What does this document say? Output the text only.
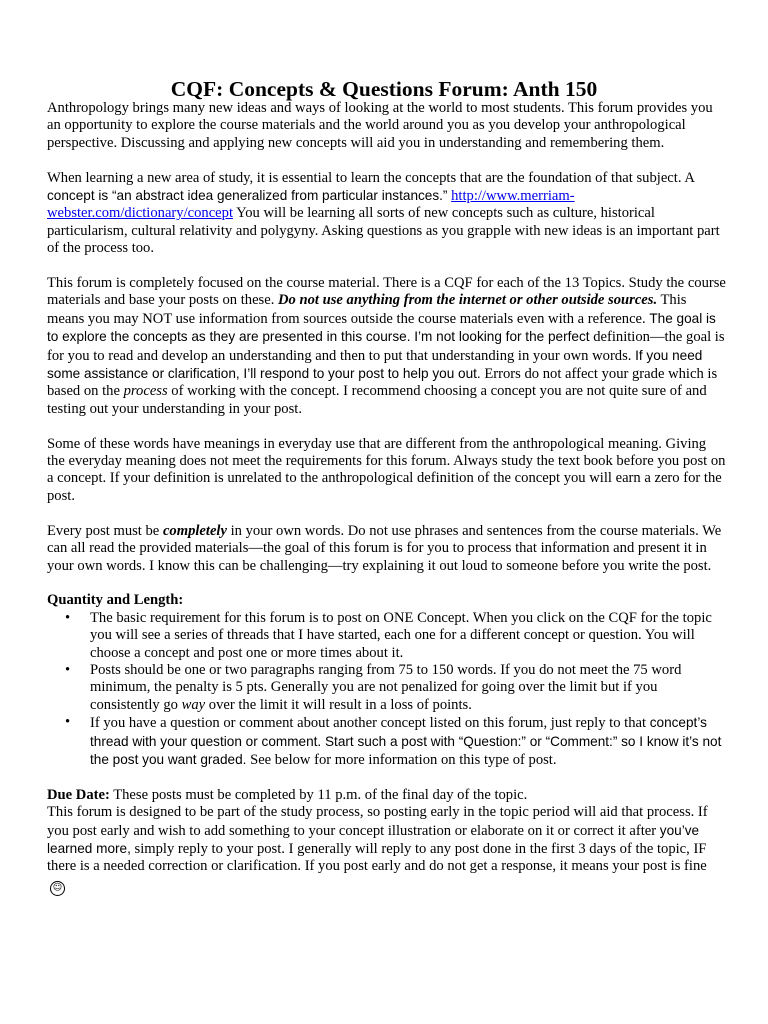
CQF: Concepts & Questions Forum: Anth 150

Anthropology brings many new ideas and ways of looking at the world to most students. This forum provides you an opportunity to explore the course materials and the world around you as you develop your anthropological perspective. Discussing and applying new concepts will aid you in understanding and remembering them.

When learning a new area of study, it is essential to learn the concepts that are the foundation of that subject. A concept is “an abstract idea generalized from particular instances.” http://www.merriam-webster.com/dictionary/concept You will be learning all sorts of new concepts such as culture, historical particularism, cultural relativity and polygyny. Asking questions as you grapple with new ideas is an important part of the process too.

This forum is completely focused on the course material. There is a CQF for each of the 13 Topics. Study the course materials and base your posts on these. Do not use anything from the internet or other outside sources. This means you may NOT use information from sources outside the course materials even with a reference. The goal is to explore the concepts as they are presented in this course. I’m not looking for the perfect definition—the goal is for you to read and develop an understanding and then to put that understanding in your own words. If you need some assistance or clarification, I’ll respond to your post to help you out. Errors do not affect your grade which is based on the process of working with the concept. I recommend choosing a concept you are not quite sure of and testing out your understanding in your post.

Some of these words have meanings in everyday use that are different from the anthropological meaning. Giving the everyday meaning does not meet the requirements for this forum. Always study the text book before you post on a concept. If your definition is unrelated to the anthropological definition of the concept you will earn a zero for the post.

Every post must be completely in your own words. Do not use phrases and sentences from the course materials. We can all read the provided materials—the goal of this forum is for you to process that information and present it in your own words. I know this can be challenging—try explaining it out loud to someone before you write the post.

Quantity and Length:
• The basic requirement for this forum is to post on ONE Concept. When you click on the CQF for the topic you will see a series of threads that I have started, each one for a different concept or question. You will choose a concept and post one or more times about it.
• Posts should be one or two paragraphs ranging from 75 to 150 words. If you do not meet the 75 word minimum, the penalty is 5 pts. Generally you are not penalized for going over the limit but if you consistently go way over the limit it will result in a loss of points.
• If you have a question or comment about another concept listed on this forum, just reply to that concept’s thread with your question or comment. Start such a post with “Question:” or “Comment:” so I know it’s not the post you want graded. See below for more information on this type of post.

Due Date: These posts must be completed by 11 p.m. of the final day of the topic.

This forum is designed to be part of the study process, so posting early in the topic period will aid that process. If you post early and wish to add something to your concept illustration or elaborate on it or correct it after you’ve learned more, simply reply to your post. I generally will reply to any post done in the first 3 days of the topic, IF there is a needed correction or clarification. If you post early and do not get a response, it means your post is fine ☺
